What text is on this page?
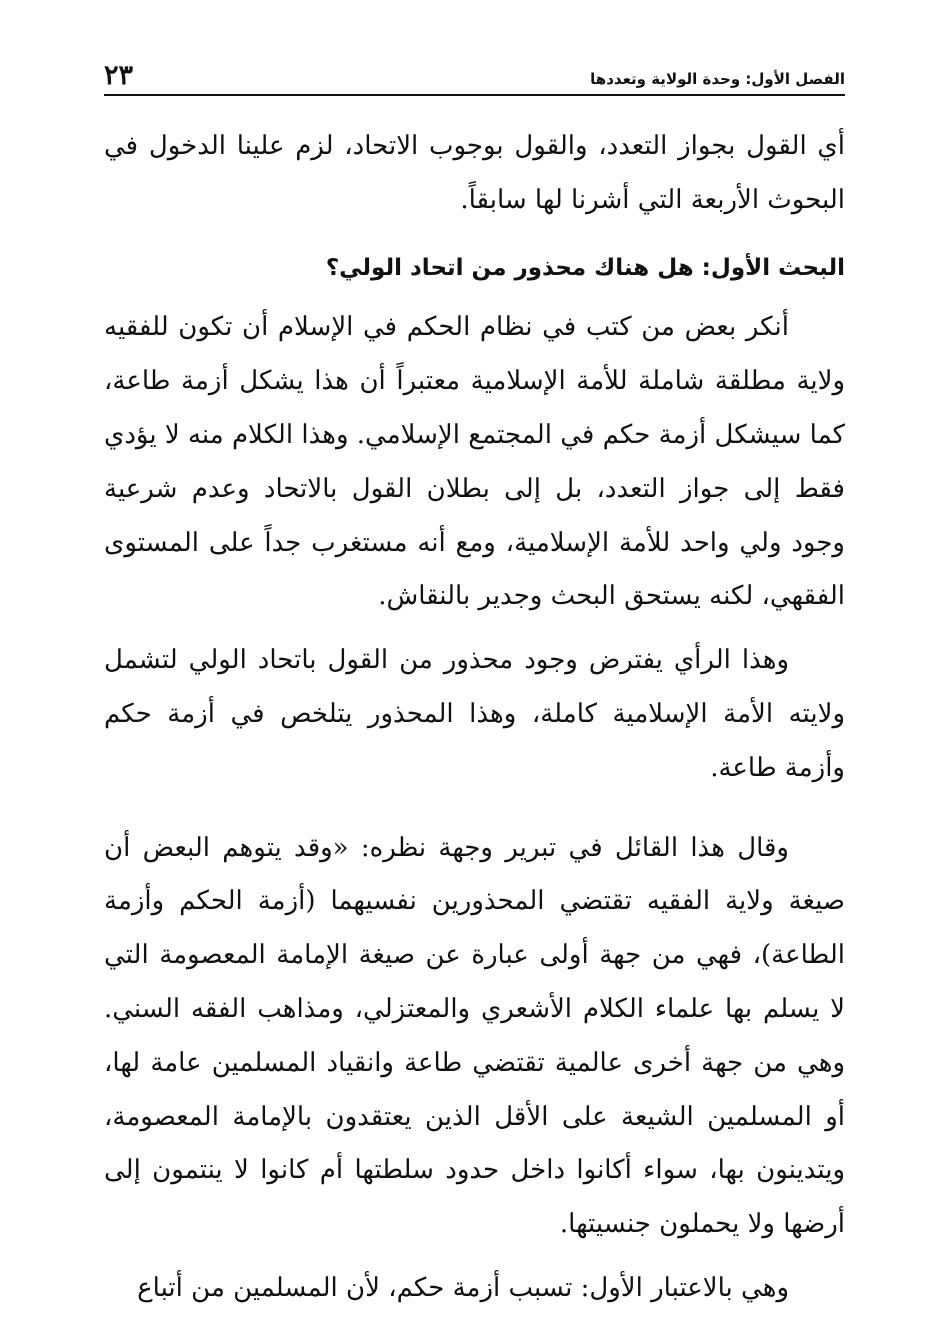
الفصل الأول: وحدة الولاية وتعددها
٢٣

أي القول بجواز التعدد، والقول بوجوب الاتحاد، لزم علينا الدخول في البحوث الأربعة التي أشرنا لها سابقاً.

البحث الأول: هل هناك محذور من اتحاد الولي؟

أنكر بعض من كتب في نظام الحكم في الإسلام أن تكون للفقيه ولاية مطلقة شاملة للأمة الإسلامية معتبراً أن هذا يشكل أزمة طاعة، كما سيشكل أزمة حكم في المجتمع الإسلامي. وهذا الكلام منه لا يؤدي فقط إلى جواز التعدد، بل إلى بطلان القول بالاتحاد وعدم شرعية وجود ولي واحد للأمة الإسلامية، ومع أنه مستغرب جداً على المستوى الفقهي، لكنه يستحق البحث وجدير بالنقاش.

وهذا الرأي يفترض وجود محذور من القول باتحاد الولي لتشمل ولايته الأمة الإسلامية كاملة، وهذا المحذور يتلخص في أزمة حكم وأزمة طاعة.

وقال هذا القائل في تبرير وجهة نظره: «وقد يتوهم البعض أن صيغة ولاية الفقيه تقتضي المحذورين نفسيهما (أزمة الحكم وأزمة الطاعة)، فهي من جهة أولى عبارة عن صيغة الإمامة المعصومة التي لا يسلم بها علماء الكلام الأشعري والمعتزلي، ومذاهب الفقه السني. وهي من جهة أخرى عالمية تقتضي طاعة وانقياد المسلمين عامة لها، أو المسلمين الشيعة على الأقل الذين يعتقدون بالإمامة المعصومة، ويتدينون بها، سواء أكانوا داخل حدود سلطتها أم كانوا لا ينتمون إلى أرضها ولا يحملون جنسيتها.

وهي بالاعتبار الأول: تسبب أزمة حكم، لأن المسلمين من أتباع
